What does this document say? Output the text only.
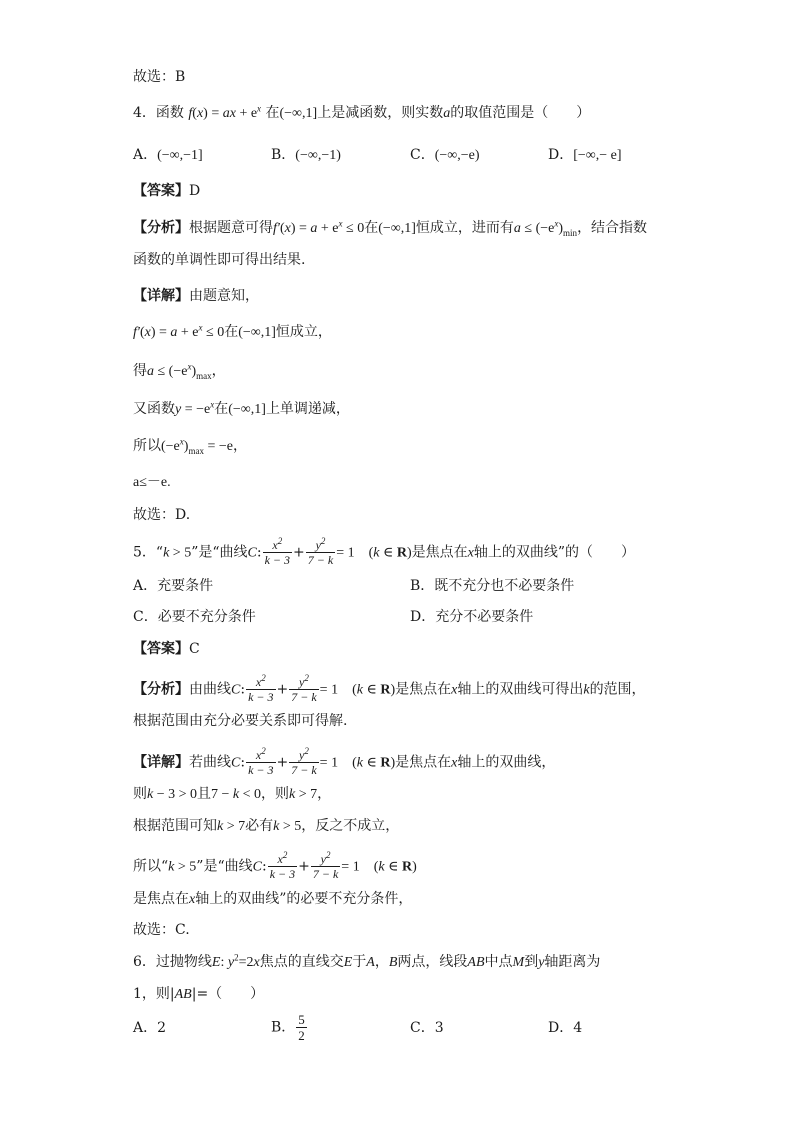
故选：B
4．函数 f(x) = ax + $e^x$ 在(−∞,1]上是减函数，则实数a的取值范围是（　　）
A．(−∞,−1]	B．(−∞,−1)	C．(−∞,−e)	D．[−∞,− e]
【答案】D
【分析】根据题意可得$f'(x) = a + e^x \le 0$在(−∞,1]恒成立，进而有$a \le (-e^x)_{min}$，结合指数
函数的单调性即可得出结果.
【详解】由题意知，
$f'(x) = a + e^x \le 0$在(−∞,1]恒成立，
得$a \le (-e^x)_{max}$，
又函数$y = -e^x$在(−∞,1]上单调递减，
所以$(-e^x)_{max} = -e$，
a≤－e.
故选：D.
5．“k > 5”是“曲线C: $\frac{x^2}{k - 3} + \frac{y^2}{7 - k} = 1$　(k ∈ R)是焦点在x轴上的双曲线”的（　　）
A．充要条件	B．既不充分也不必要条件
C．必要不充分条件	D．充分不必要条件
【答案】C
【分析】由曲线C: $\frac{x^2}{k - 3} + \frac{y^2}{7 - k} = 1$　(k ∈ R)是焦点在x轴上的双曲线可得出k的范围，
根据范围由充分必要关系即可得解.
【详解】若曲线C: $\frac{x^2}{k - 3} + \frac{y^2}{7 - k} = 1$　(k ∈ R)是焦点在x轴上的双曲线，
则k − 3 > 0且7 − k < 0，则k > 7，
根据范围可知k > 7必有k > 5，反之不成立，
所以“k > 5”是“曲线C: $\frac{x^2}{k - 3} + \frac{y^2}{7 - k} = 1$　(k ∈ R)
是焦点在x轴上的双曲线”的必要不充分条件，
故选：C.
6．过抛物线E: $y^2=2x$焦点的直线交E于A，B两点，线段AB中点M到y轴距离为
1，则|AB|=（　　）
A．2	B． $\frac{5}{2}$	C．3	D．4
